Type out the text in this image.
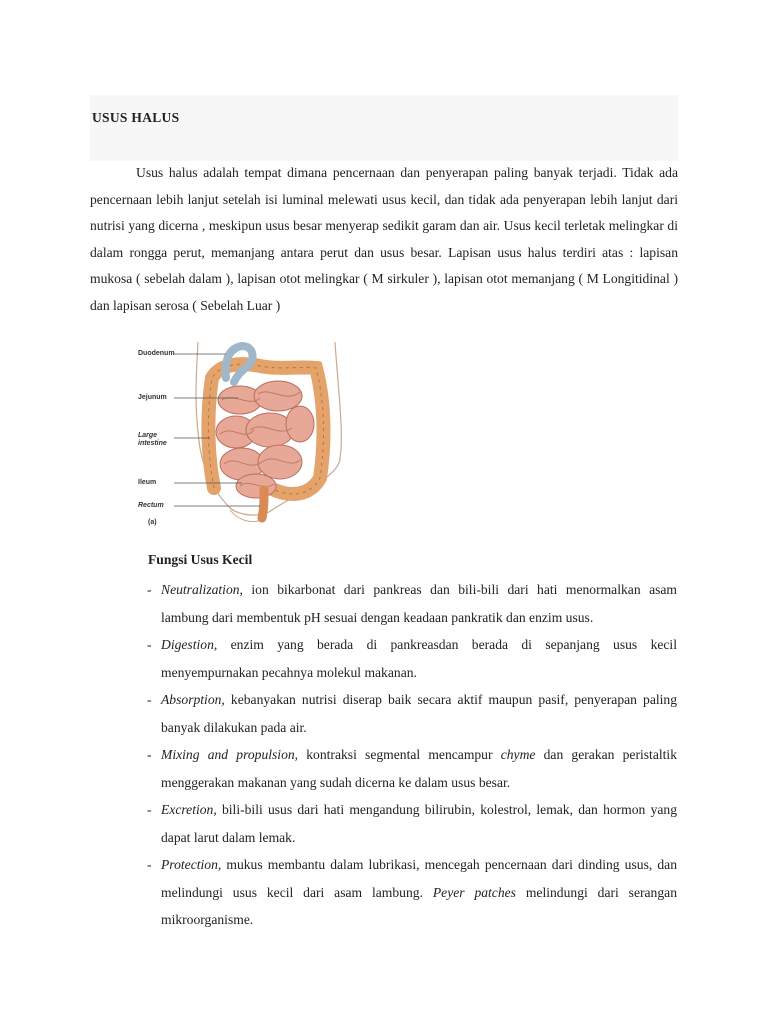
USUS HALUS

Usus halus adalah tempat dimana pencernaan dan penyerapan paling banyak terjadi. Tidak ada pencernaan lebih lanjut setelah isi luminal melewati usus kecil, dan tidak ada penyerapan lebih lanjut dari nutrisi yang dicerna , meskipun usus besar menyerap sedikit garam dan air. Usus kecil terletak melingkar di dalam rongga perut, memanjang antara perut dan usus besar. Lapisan usus halus terdiri atas : lapisan mukosa ( sebelah dalam ), lapisan otot melingkar ( M sirkuler ), lapisan otot memanjang ( M Longitidinal ) dan lapisan serosa ( Sebelah Luar )

Duodenum
Jejunum
Large
intestine
Ileum
Rectum
(a)
Fungsi Usus Kecil
- Neutralization, ion bikarbonat dari pankreas dan bili-bili dari hati menormalkan asam lambung dari membentuk pH sesuai dengan keadaan pankratik dan enzim usus.
- Digestion, enzim yang berada di pankreasdan berada di sepanjang usus kecil menyempurnakan pecahnya molekul makanan.
- Absorption, kebanyakan nutrisi diserap baik secara aktif maupun pasif, penyerapan paling banyak dilakukan pada air.
- Mixing and propulsion, kontraksi segmental mencampur chyme dan gerakan peristaltik menggerakan makanan yang sudah dicerna ke dalam usus besar.
- Excretion, bili-bili usus dari hati mengandung bilirubin, kolestrol, lemak, dan hormon yang dapat larut dalam lemak.
- Protection, mukus membantu dalam lubrikasi, mencegah pencernaan dari dinding usus, dan melindungi usus kecil dari asam lambung. Peyer patches melindungi dari serangan mikroorganisme.
